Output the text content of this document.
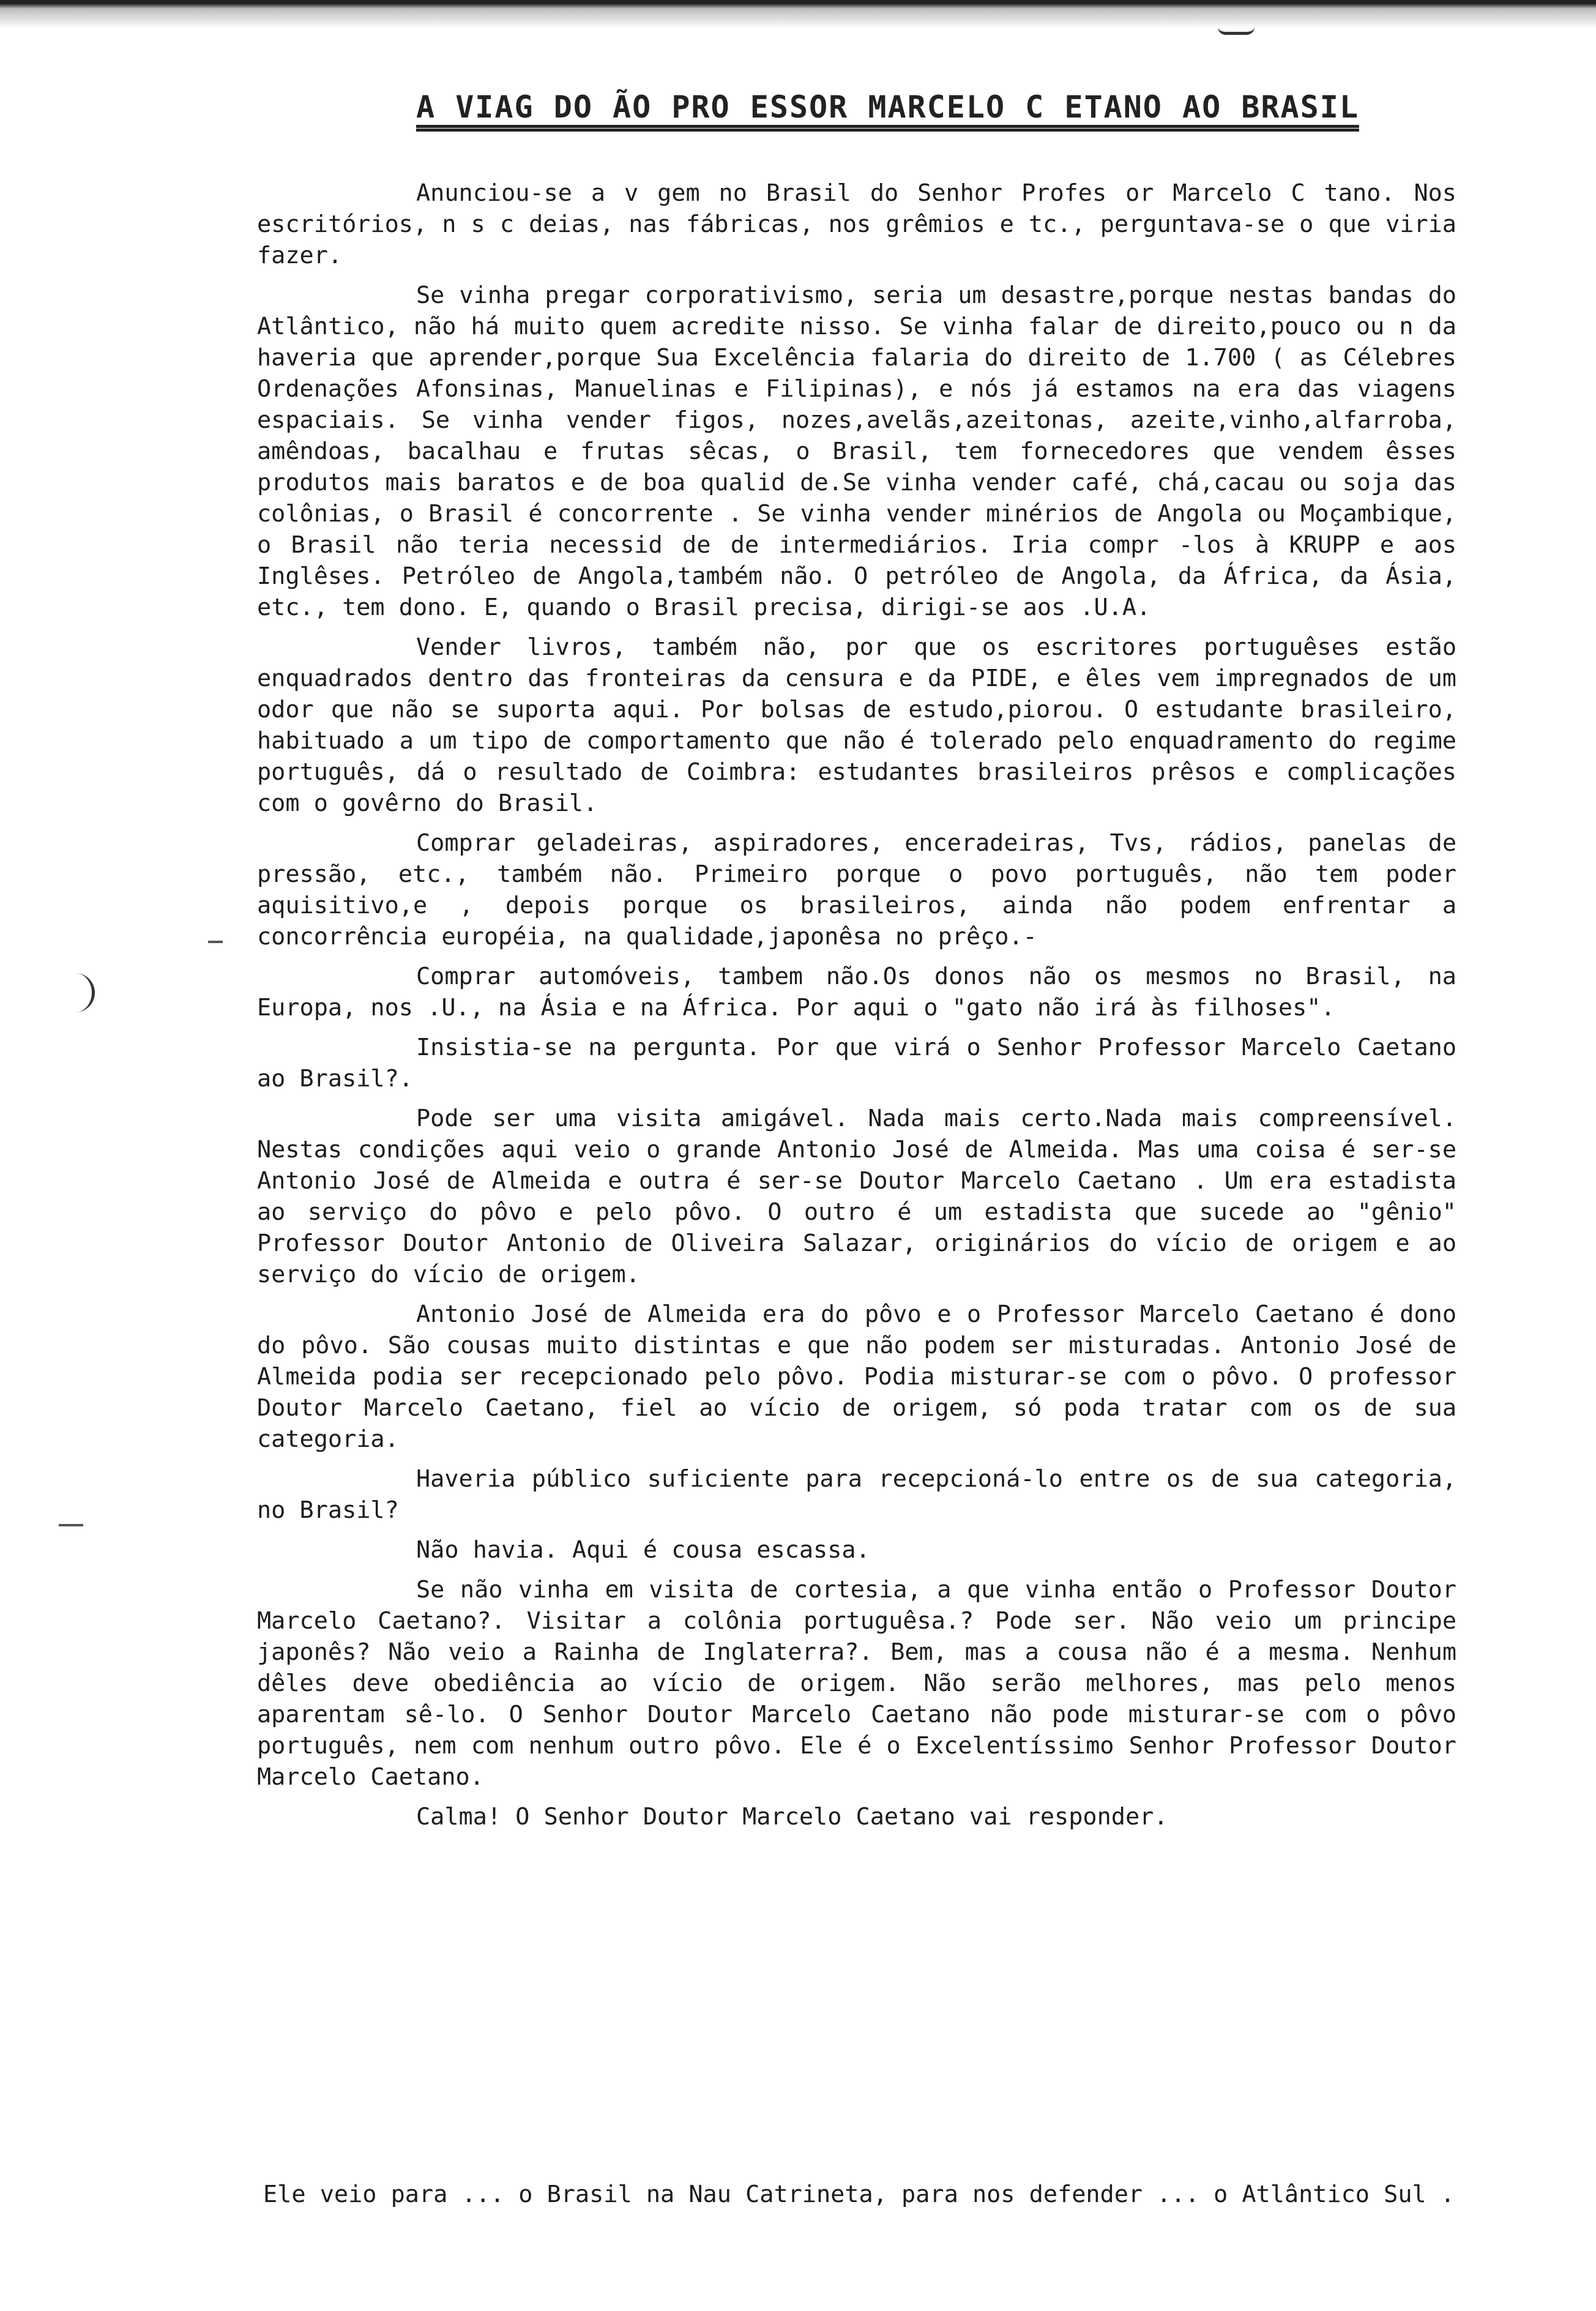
A VIAG DO ÃO PRO ESSOR MARCELO C ETANO AO BRASIL

Anunciou-se a v gem no Brasil do Senhor Profes or Marcelo C tano. Nos escritórios, n s c deias, nas fábricas, nos grêmios e tc., perguntava-se o que viria fazer.

Se vinha pregar corporativismo, seria um desastre,porque nestas bandas do Atlântico, não há muito quem acredite nisso. Se vinha falar de direito,pouco ou n da haveria que aprender,porque Sua Excelência falaria do direito de 1.700 ( as Célebres Ordenações Afonsinas, Manuelinas e Filipinas), e nós já estamos na era das viagens espaciais. Se vinha vender figos, nozes,avelãs,azeitonas, azeite,vinho,alfarroba, amêndoas, bacalhau e frutas sêcas, o Brasil, tem fornecedores que vendem êsses produtos mais baratos e de boa qualid de.Se vinha vender café, chá,cacau ou soja das colônias, o Brasil é concorrente . Se vinha vender minérios de Angola ou Moçambique, o Brasil não teria necessid de de intermediários. Iria compr -los à KRUPP e aos Inglêses. Petróleo de Angola,também não. O petróleo de Angola, da África, da Ásia, etc., tem dono. E, quando o Brasil precisa, dirigi-se aos .U.A.

Vender livros, também não, por que os escritores portuguêses estão enquadrados dentro das fronteiras da censura e da PIDE, e êles vem impregnados de um odor que não se suporta aqui. Por bolsas de estudo,piorou. O estudante brasileiro, habituado a um tipo de comportamento que não é tolerado pelo enquadramento do regime português, dá o resultado de Coimbra: estudantes brasileiros prêsos e complicações com o govêrno do Brasil.

Comprar geladeiras, aspiradores, enceradeiras, Tvs, rádios, panelas de pressão, etc., também não. Primeiro porque o povo português, não tem poder aquisitivo,e , depois porque os brasileiros, ainda não podem enfrentar a concorrência européia, na qualidade,japonêsa no prêço.-

Comprar automóveis, tambem não.Os donos não os mesmos no Brasil, na Europa, nos .U., na Ásia e na África. Por aqui o "gato não irá às filhoses".

Insistia-se na pergunta. Por que virá o Senhor Professor Marcelo Caetano ao Brasil?.

Pode ser uma visita amigável. Nada mais certo.Nada mais compreensível. Nestas condições aqui veio o grande Antonio José de Almeida. Mas uma coisa é ser-se Antonio José de Almeida e outra é ser-se Doutor Marcelo Caetano . Um era estadista ao serviço do pôvo e pelo pôvo. O outro é um estadista que sucede ao "gênio" Professor Doutor Antonio de Oliveira Salazar, originários do vício de origem e ao serviço do vício de origem.

Antonio José de Almeida era do pôvo e o Professor Marcelo Caetano é dono do pôvo. São cousas muito distintas e que não podem ser misturadas. Antonio José de Almeida podia ser recepcionado pelo pôvo. Podia misturar-se com o pôvo. O professor Doutor Marcelo Caetano, fiel ao vício de origem, só poda tratar com os de sua categoria.

Haveria público suficiente para recepcioná-lo entre os de sua categoria, no Brasil?

Não havia. Aqui é cousa escassa.

Se não vinha em visita de cortesia, a que vinha então o Professor Doutor Marcelo Caetano?. Visitar a colônia portuguêsa.? Pode ser. Não veio um principe japonês? Não veio a Rainha de Inglaterra?. Bem, mas a cousa não é a mesma. Nenhum dêles deve obediência ao vício de origem. Não serão melhores, mas pelo menos aparentam sê-lo. O Senhor Doutor Marcelo Caetano não pode misturar-se com o pôvo português, nem com nenhum outro pôvo. Ele é o Excelentíssimo Senhor Professor Doutor Marcelo Caetano.

Calma! O Senhor Doutor Marcelo Caetano vai responder.

Ele veio para ... o Brasil na Nau Catrineta, para nos defender ... o Atlântico Sul .
